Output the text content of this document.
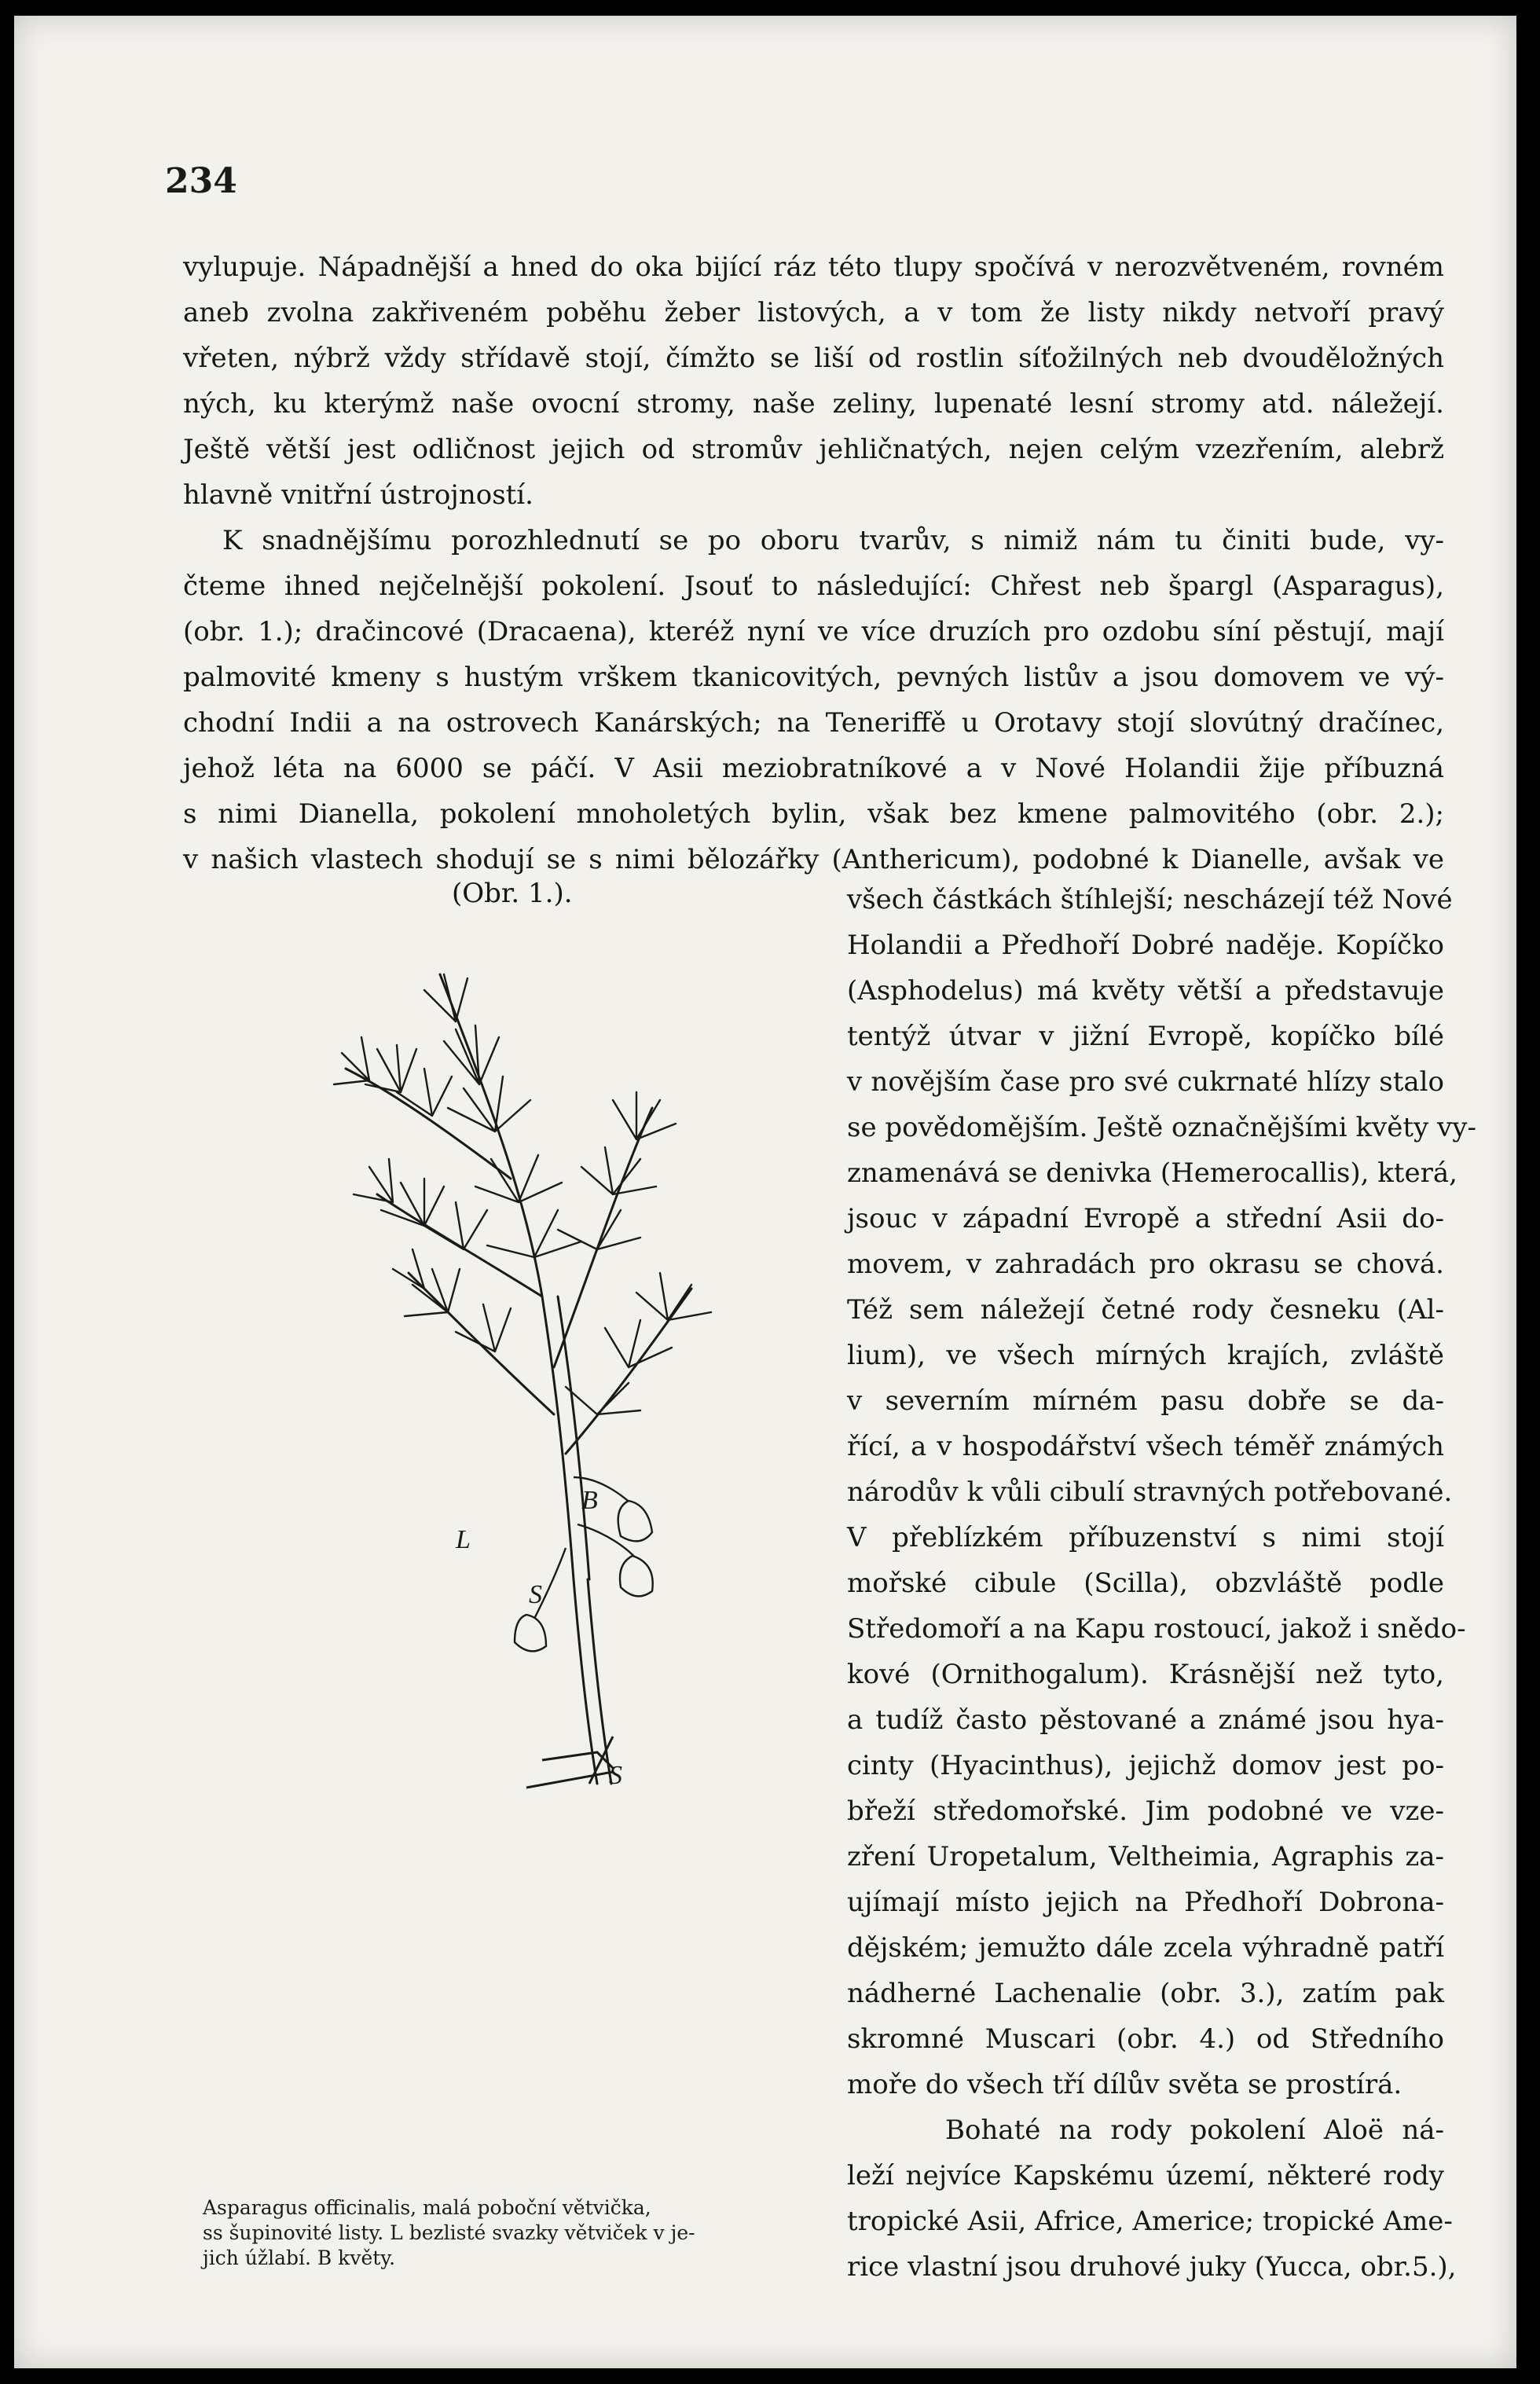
234
vylupuje. Nápadnější a hned do oka bijící ráz této tlupy spočívá v nerozvětveném, rovném
aneb zvolna zakřiveném poběhu žeber listových, a v tom že listy nikdy netvoří pravý
vřeten, nýbrž vždy střídavě stojí, čímžto se liší od rostlin síťožilných neb dvouděložných
ných, ku kterýmž naše ovocní stromy, naše zeliny, lupenaté lesní stromy atd. náležejí.
Ještě větší jest odličnost jejich od stromův jehličnatých, nejen celým vzezřením, alebrž
hlavně vnitřní ústrojností.
K snadnějšímu porozhlednutí se po oboru tvarův, s nimiž nám tu činiti bude, vy-
čteme ihned nejčelnější pokolení. Jsouť to následující: Chřest neb špargl (Asparagus),
(obr. 1.); dračincové (Dracaena), kteréž nyní ve více druzích pro ozdobu síní pěstují, mají
palmovité kmeny s hustým vrškem tkanicovitých, pevných listův a jsou domovem ve vý-
chodní Indii a na ostrovech Kanárských; na Teneriffě u Orotavy stojí slovútný dračínec,
jehož léta na 6000 se páčí. V Asii meziobratníkové a v Nové Holandii žije příbuzná
s nimi Dianella, pokolení mnoholetých bylin, však bez kmene palmovitého (obr. 2.);
v našich vlastech shodují se s nimi bělozářky (Anthericum), podobné k Dianelle, avšak ve
(Obr. 1.).	všech částkách štíhlejší; nescházejí též Nové
Holandii a Předhoří Dobré naděje. Kopíčko
(Asphodelus) má květy větší a představuje
tentýž útvar v jižní Evropě, kopíčko bílé
v novějším čase pro své cukrnaté hlízy stalo
se povědomějším. Ještě označnějšími květy vy-
znamenává se denivka (Hemerocallis), která,
jsouc v západní Evropě a střední Asii do-
movem, v zahradách pro okrasu se chová.
Též sem náležejí četné rody česneku (Al-
lium), ve všech mírných krajích, zvláště
v severním mírném pasu dobře se da-
řící, a v hospodářství všech téměř známých
národův k vůli cibulí stravných potřebované.
V přeblízkém příbuzenství s nimi stojí
mořské cibule (Scilla), obzvláště podle
Středomoří a na Kapu rostoucí, jakož i snědo-
kové (Ornithogalum). Krásnější než tyto,
a tudíž často pěstované a známé jsou hya-
cinty (Hyacinthus), jejichž domov jest po-
břeží středomořské. Jim podobné ve vze-
zření Uropetalum, Veltheimia, Agraphis za-
ujímají místo jejich na Předhoří Dobrona-
dějském; jemužto dále zcela výhradně patří
nádherné Lachenalie (obr. 3.), zatím pak
skromné Muscari (obr. 4.) od Středního
moře do všech tří dílův světa se prostírá.
Bohaté na rody pokolení Aloë ná-
leží nejvíce Kapskému území, některé rody
tropické Asii, Africe, Americe; tropické Ame-
rice vlastní jsou druhové juky (Yucca, obr.5.),
L
B
S
S
Asparagus officinalis, malá poboční větvička,
ss šupinovité listy. L bezlisté svazky větviček v je-
jich úžlabí. B květy.
